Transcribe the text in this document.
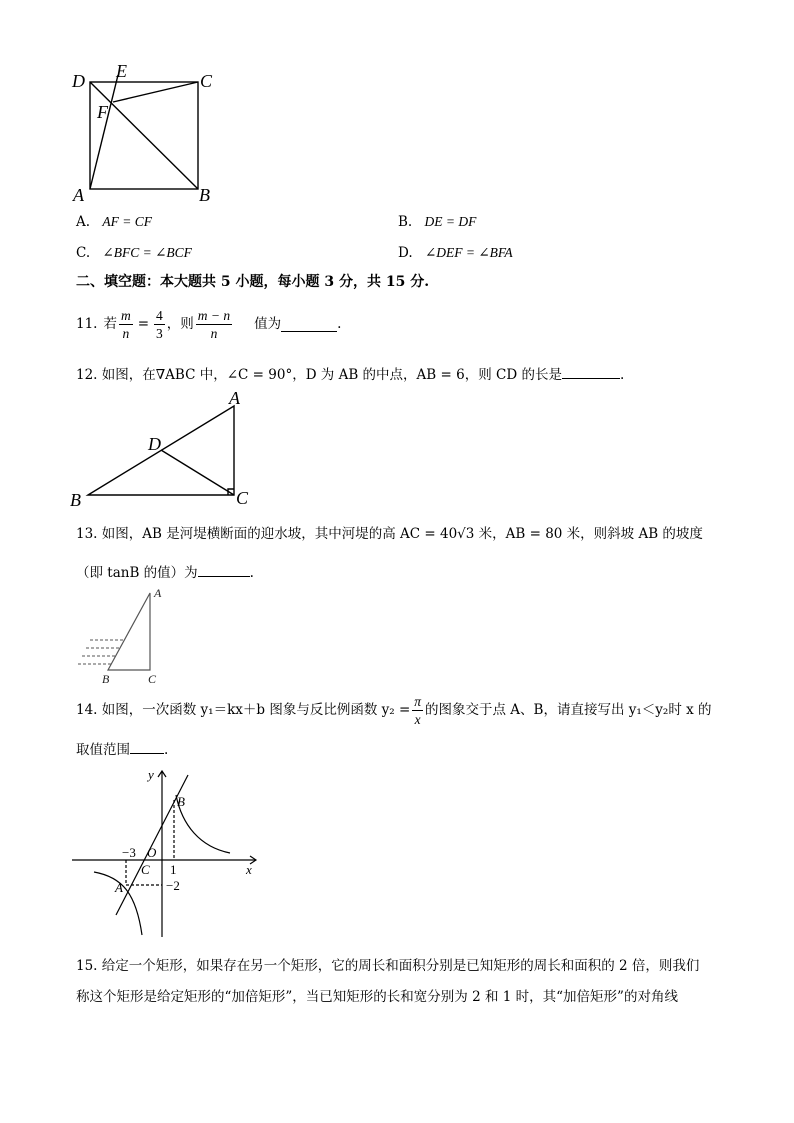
D E	C
F
A	B
A. AF = CF	B. DE = DF
C. ∠BFC = ∠BCF	D. ∠DEF = ∠BFA
二、填空题：本大题共 5 小题，每小题 3 分，共 15 分.
11. 若 $\frac{m}{n} = \frac{4}{3}$ ，则 $\frac{m - n}{n}$ 值为	.
12. 如图，在∇ABC 中，∠C = 90°，D 为 AB 的中点，AB = 6，则 CD 的长是	.
A
B	C
D
13. 如图，AB 是河堤横断面的迎水坡，其中河堤的高 AC = 40√3 米，AB = 80 米，则斜坡 AB 的坡度
（即 tanB 的值）为	.
A
B	C
14. 如图，一次函数 y₁＝kx＋b 图象与反比例函数 $y_2 = \frac{\pi}{x}$ 的图象交于点 A、B，请直接写出 y₁＜y₂时 x 的
取值范围	.
y
x
B
O
C
A
−3
1
−2
15. 给定一个矩形，如果存在另一个矩形，它的周长和面积分别是已知矩形的周长和面积的 2 倍，则我们
称这个矩形是给定矩形的“加倍矩形”，当已知矩形的长和宽分别为 2 和 1 时，其“加倍矩形”的对角线
